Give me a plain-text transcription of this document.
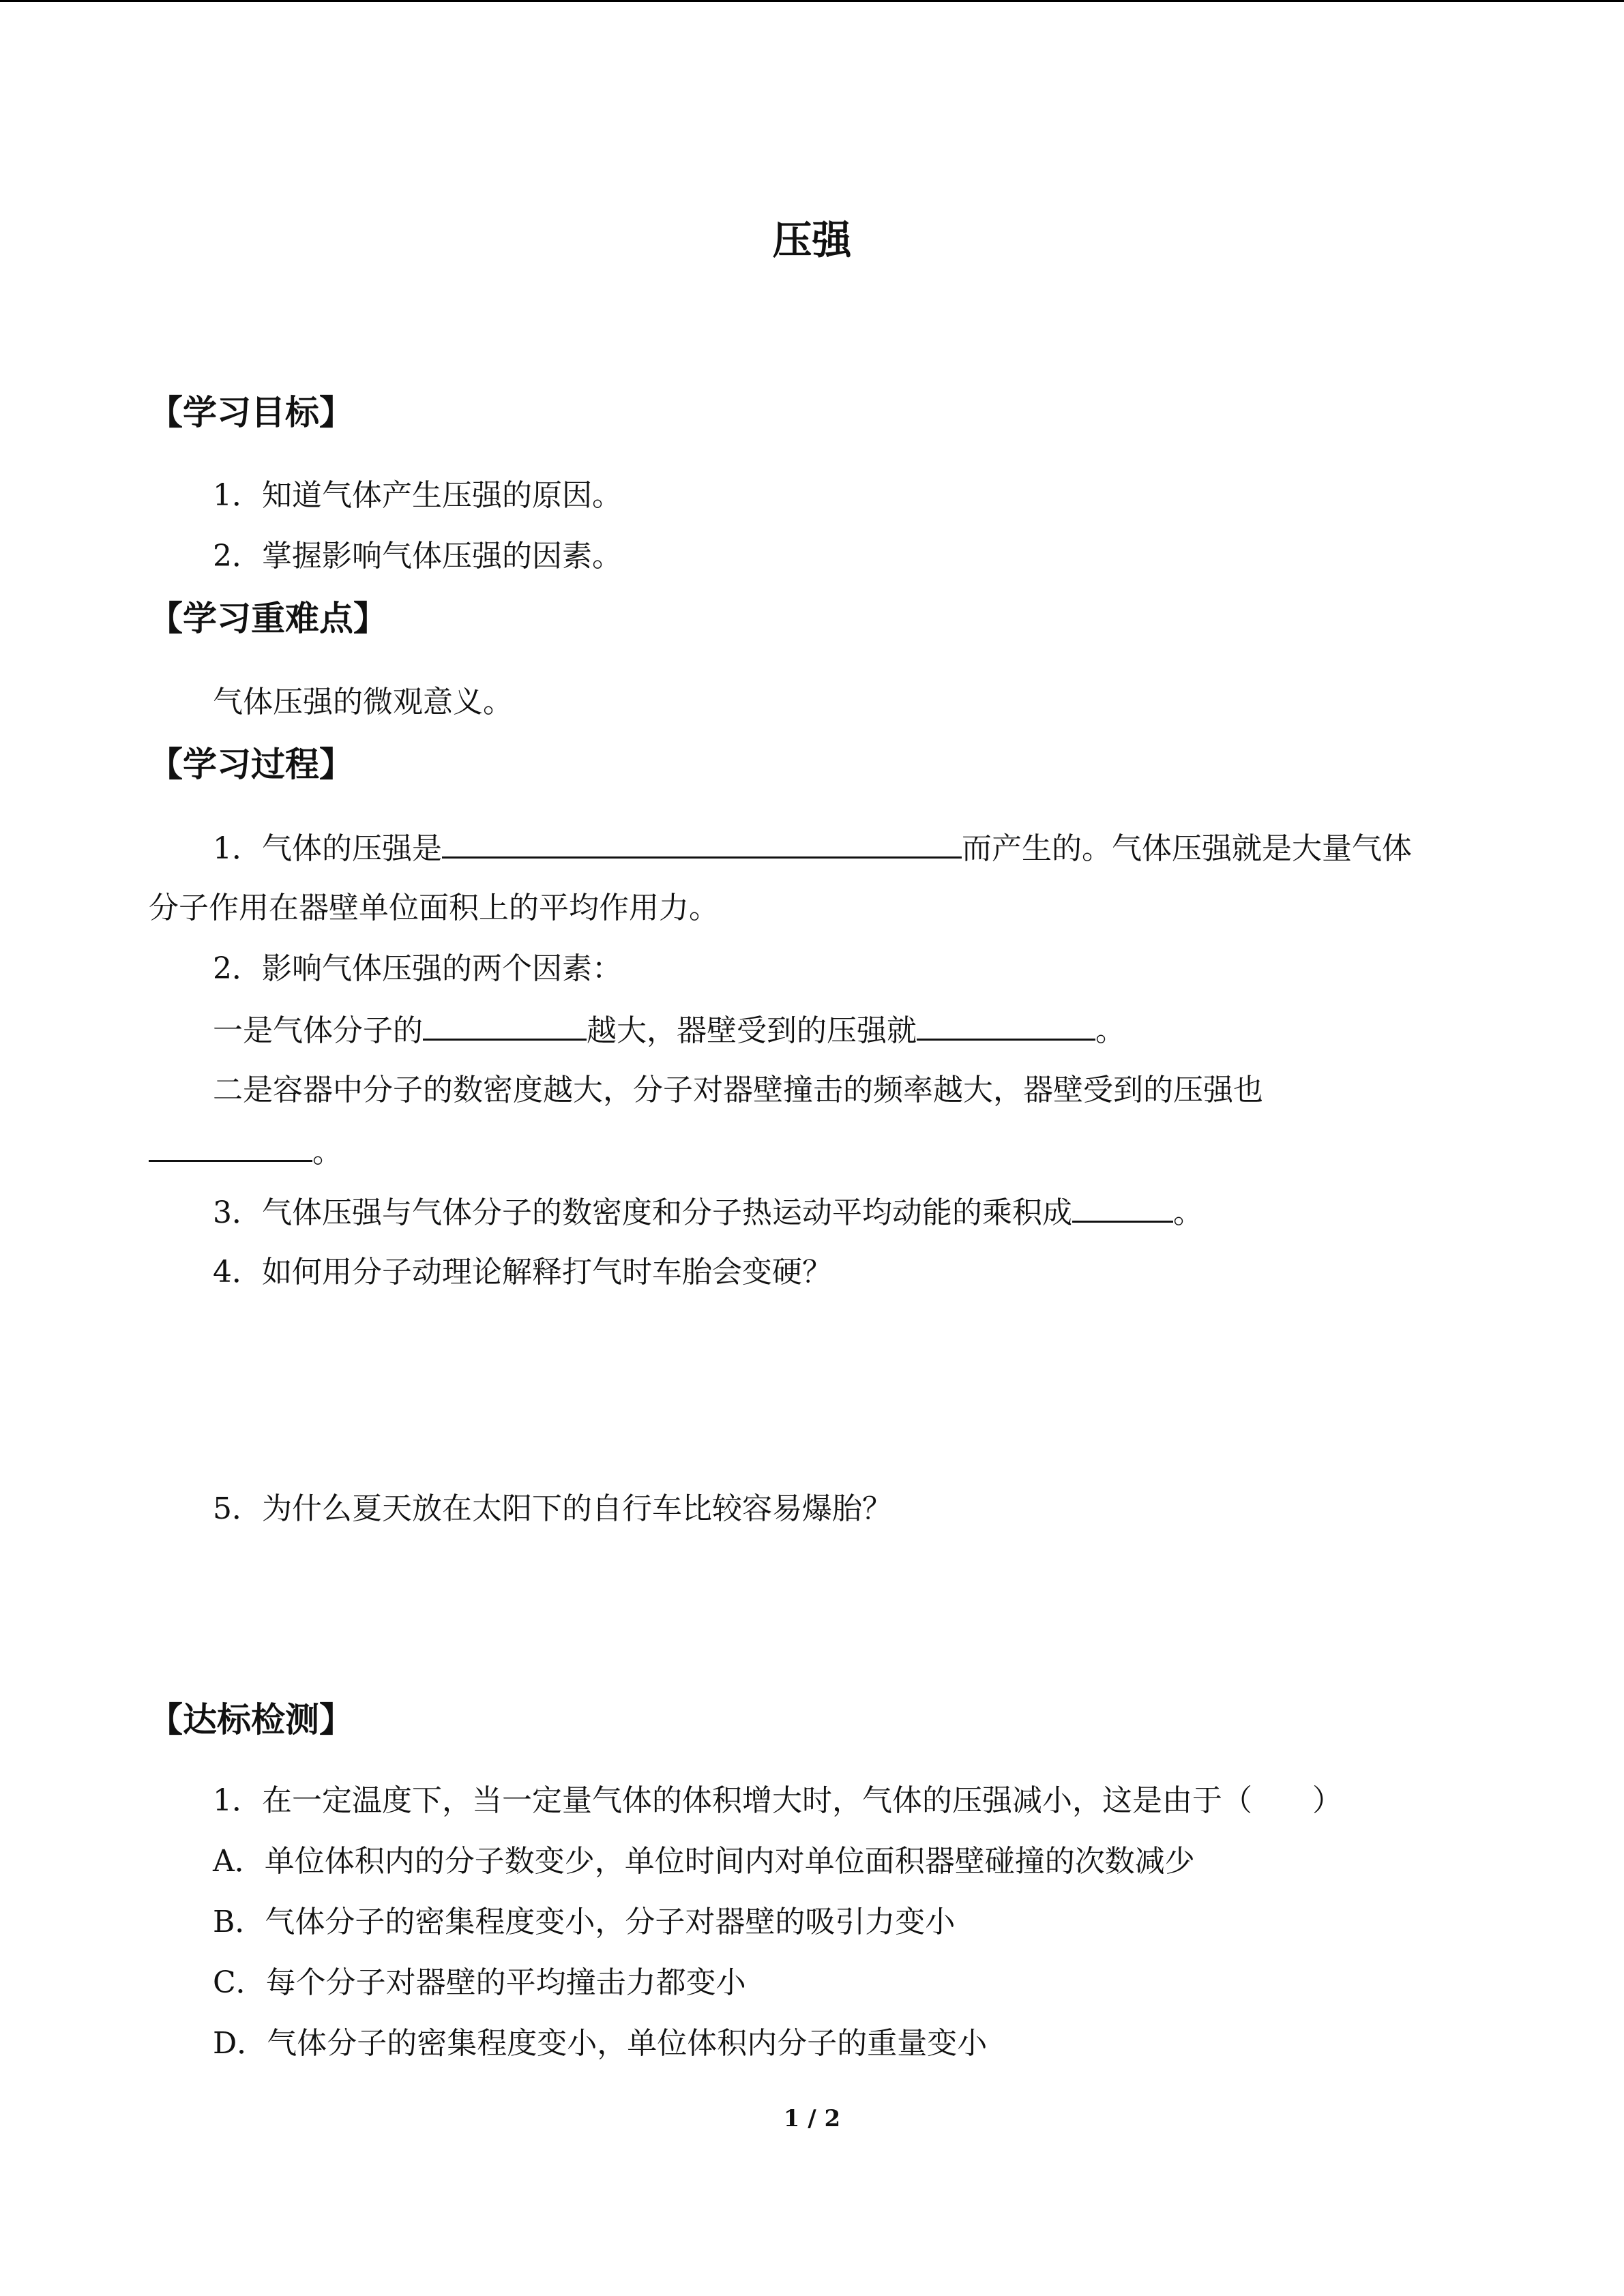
压强
【学习目标】

1．知道气体产生压强的原因。

2．掌握影响气体压强的因素。

【学习重难点】

气体压强的微观意义。

【学习过程】

1．气体的压强是	而产生的。气体压强就是大量气体

分子作用在器壁单位面积上的平均作用力。

2．影响气体压强的两个因素：

一是气体分子的	越大，器壁受到的压强就	。

二是容器中分子的数密度越大，分子对器壁撞击的频率越大，器壁受到的压强也

。

3．气体压强与气体分子的数密度和分子热运动平均动能的乘积成	。

4．如何用分子动理论解释打气时车胎会变硬？

5．为什么夏天放在太阳下的自行车比较容易爆胎？

【达标检测】

1．在一定温度下，当一定量气体的体积增大时，气体的压强减小，这是由于（　　）

A．单位体积内的分子数变少，单位时间内对单位面积器壁碰撞的次数减少

B．气体分子的密集程度变小，分子对器壁的吸引力变小

C．每个分子对器壁的平均撞击力都变小

D．气体分子的密集程度变小，单位体积内分子的重量变小

1 / 2
